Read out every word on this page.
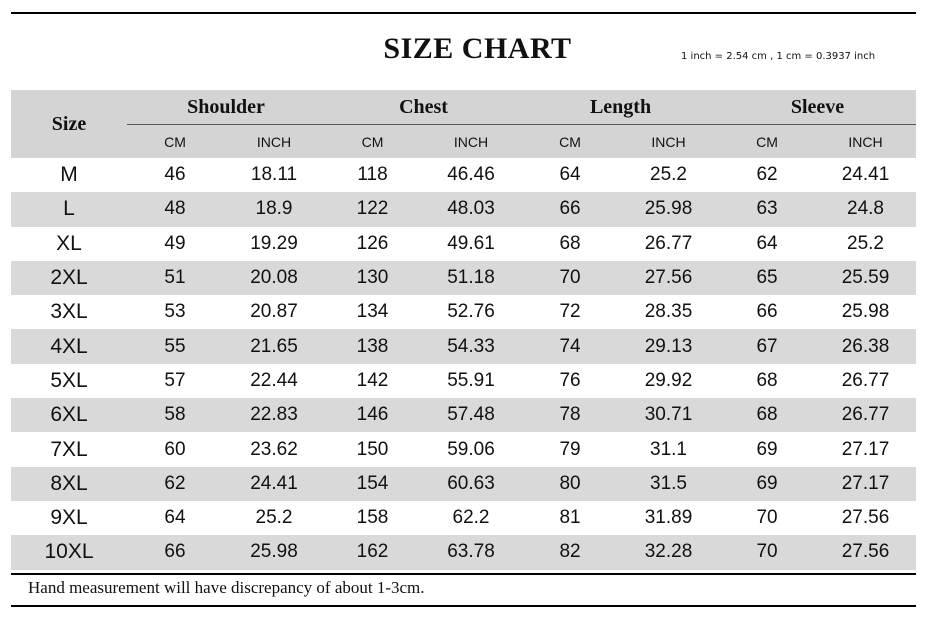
SIZE CHART	1 inch = 2.54 cm , 1 cm = 0.3937 inch
Size	Shoulder		Chest		Length		Sleeve	
	CM	INCH	CM	INCH	CM	INCH	CM	INCH
M	46	18.11	118	46.46	64	25.2	62	24.41
L	48	18.9	122	48.03	66	25.98	63	24.8
XL	49	19.29	126	49.61	68	26.77	64	25.2
2XL	51	20.08	130	51.18	70	27.56	65	25.59
3XL	53	20.87	134	52.76	72	28.35	66	25.98
4XL	55	21.65	138	54.33	74	29.13	67	26.38
5XL	57	22.44	142	55.91	76	29.92	68	26.77
6XL	58	22.83	146	57.48	78	30.71	68	26.77
7XL	60	23.62	150	59.06	79	31.1	69	27.17
8XL	62	24.41	154	60.63	80	31.5	69	27.17
9XL	64	25.2	158	62.2	81	31.89	70	27.56
10XL	66	25.98	162	63.78	82	32.28	70	27.56
Hand measurement will have discrepancy of about 1-3cm.
